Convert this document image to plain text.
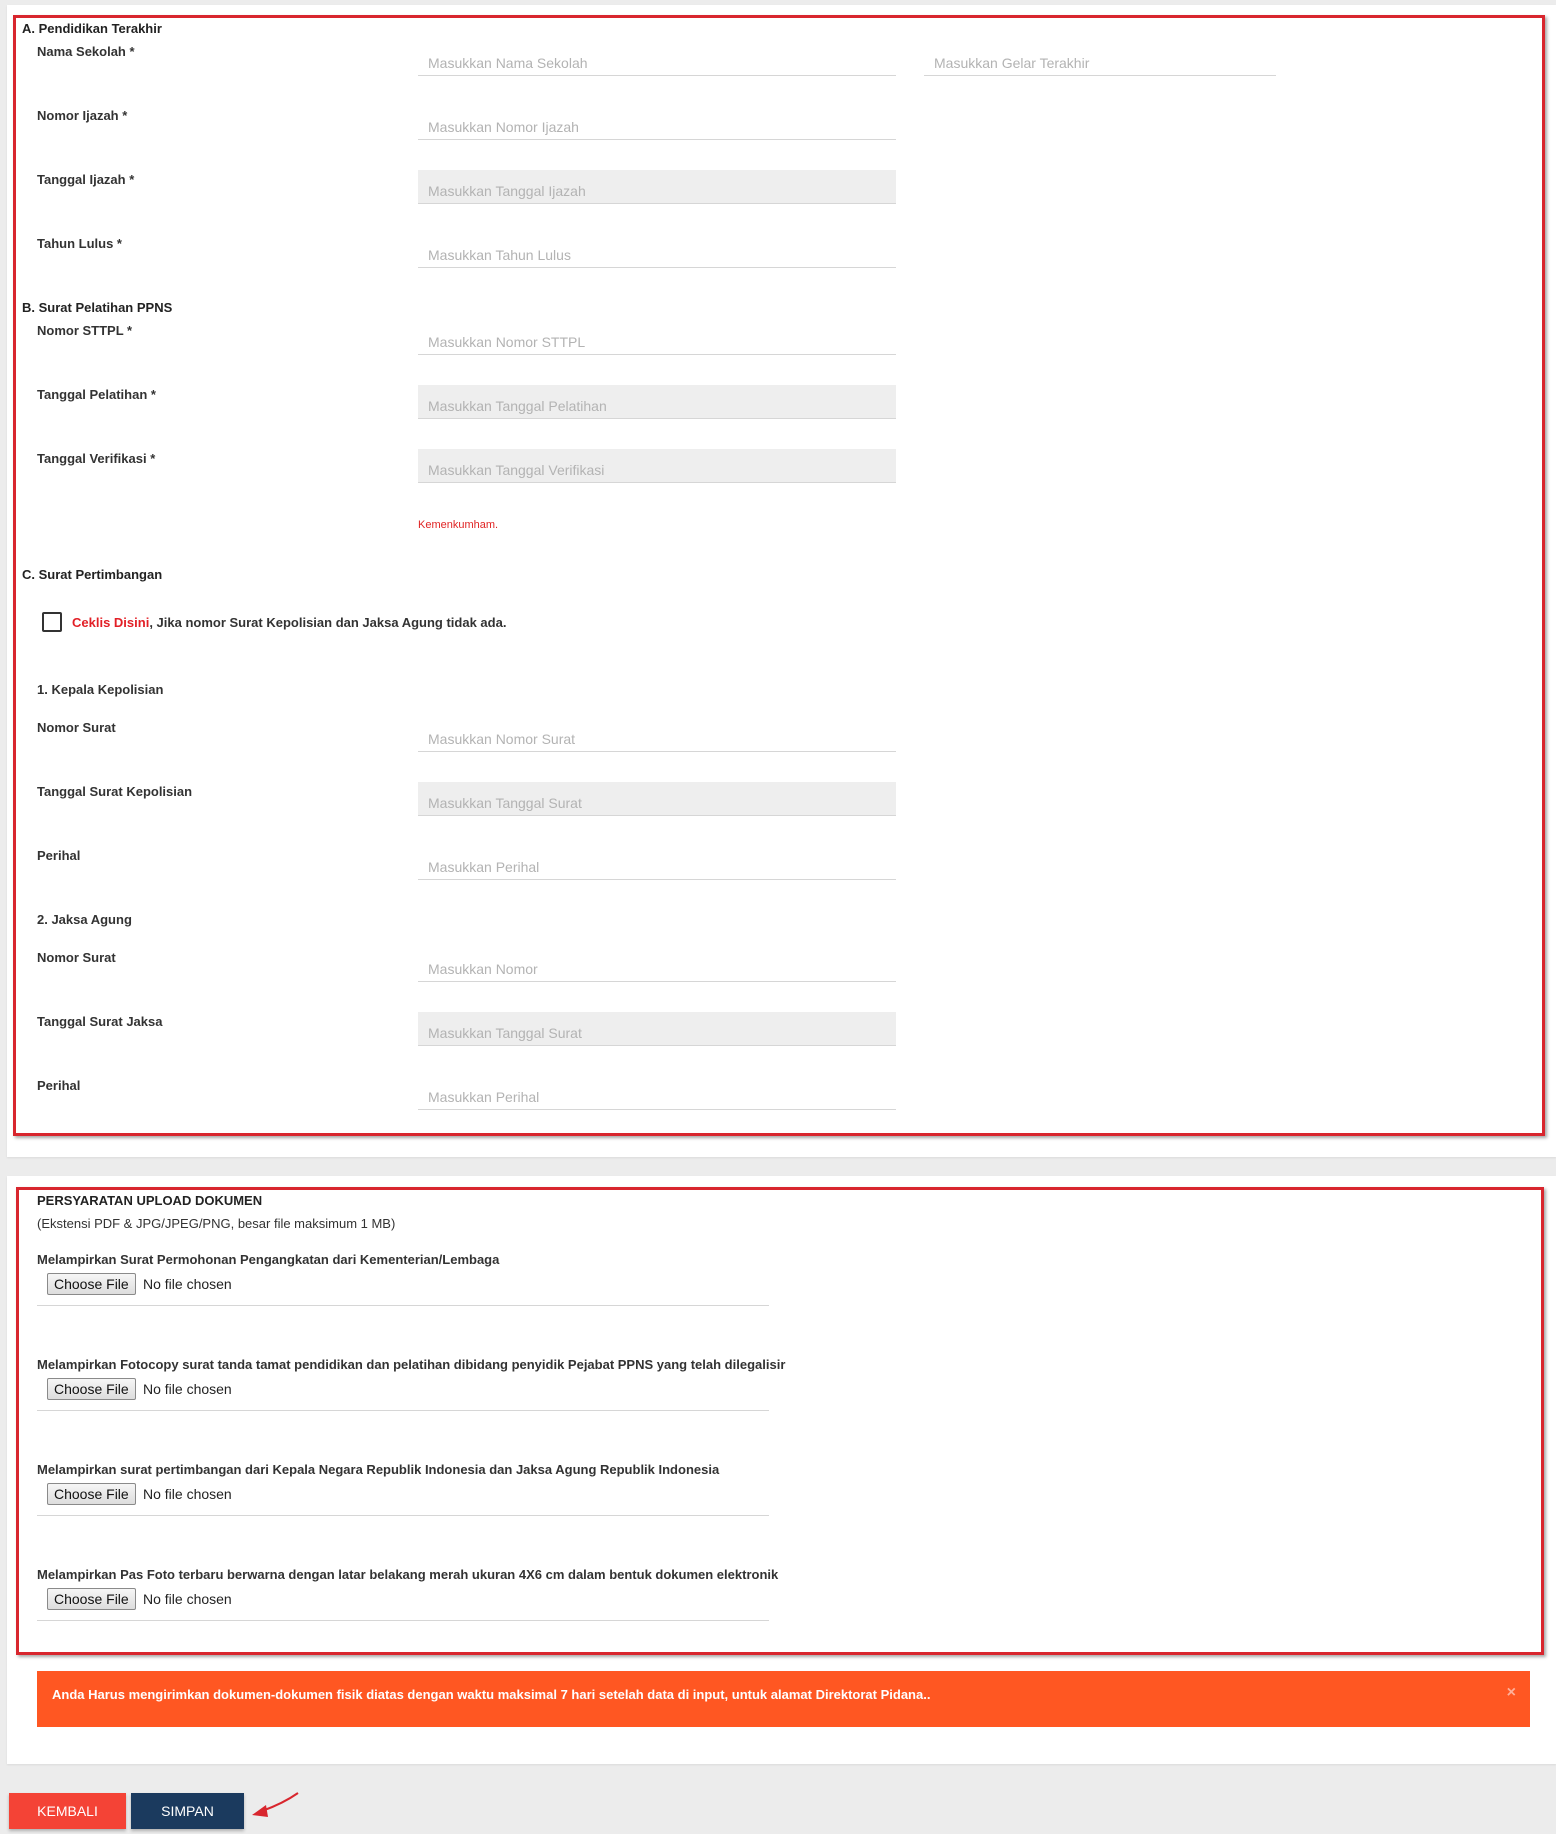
A. Pendidikan Terakhir
Nama Sekolah *
Masukkan Nama Sekolah
Masukkan Gelar Terakhir
Nomor Ijazah *
Masukkan Nomor Ijazah
Tanggal Ijazah *
Masukkan Tanggal Ijazah
Tahun Lulus *
Masukkan Tahun Lulus
B. Surat Pelatihan PPNS
Nomor STTPL *
Masukkan Nomor STTPL
Tanggal Pelatihan *
Masukkan Tanggal Pelatihan
Tanggal Verifikasi *
Masukkan Tanggal Verifikasi
Kemenkumham.
C. Surat Pertimbangan
Ceklis Disini, Jika nomor Surat Kepolisian dan Jaksa Agung tidak ada.
1. Kepala Kepolisian
Nomor Surat
Masukkan Nomor Surat
Tanggal Surat Kepolisian
Masukkan Tanggal Surat
Perihal
Masukkan Perihal
2. Jaksa Agung
Nomor Surat
Masukkan Nomor
Tanggal Surat Jaksa
Masukkan Tanggal Surat
Perihal
Masukkan Perihal
PERSYARATAN UPLOAD DOKUMEN
(Ekstensi PDF & JPG/JPEG/PNG, besar file maksimum 1 MB)
Melampirkan Surat Permohonan Pengangkatan dari Kementerian/Lembaga
Choose File	No file chosen
Melampirkan Fotocopy surat tanda tamat pendidikan dan pelatihan dibidang penyidik Pejabat PPNS yang telah dilegalisir
Choose File	No file chosen
Melampirkan surat pertimbangan dari Kepala Negara Republik Indonesia dan Jaksa Agung Republik Indonesia
Choose File	No file chosen
Melampirkan Pas Foto terbaru berwarna dengan latar belakang merah ukuran 4X6 cm dalam bentuk dokumen elektronik
Choose File	No file chosen
Anda Harus mengirimkan dokumen-dokumen fisik diatas dengan waktu maksimal 7 hari setelah data di input, untuk alamat Direktorat Pidana..	×
KEMBALI	SIMPAN
